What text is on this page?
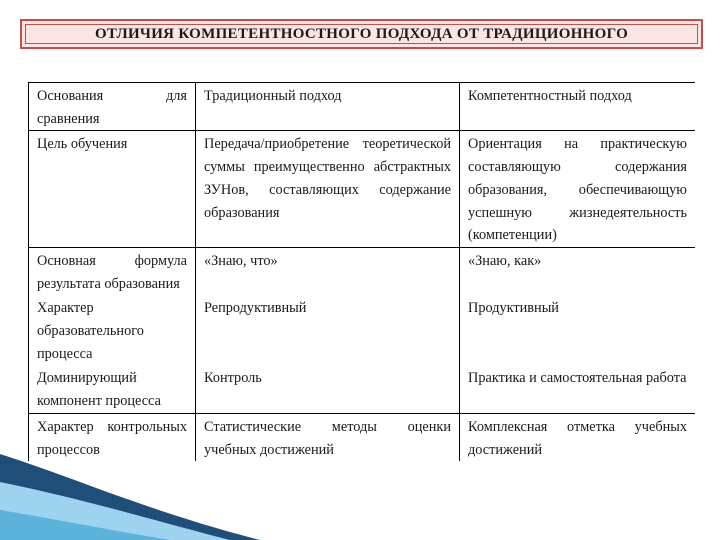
ОТЛИЧИЯ КОМПЕТЕНТНОСТНОГО ПОДХОДА ОТ ТРАДИЦИОННОГО
Основания для сравнения	Традиционный подход	Компетентностный подход
Цель обучения	Передача/приобретение теоретической суммы преимущественно абстрактных ЗУНов, составляющих содержание образования	Ориентация на практическую составляющую содержания образования, обеспечивающую успешную жизнедеятельность (компетенции)
Основная формула результата образования	«Знаю, что»	«Знаю, как»
Характер образовательного процесса	Репродуктивный	Продуктивный
Доминирующий компонент процесса	Контроль	Практика и самостоятельная работа
Характер контрольных процессов	Статистические методы оценки учебных достижений	Комплексная отметка учебных достижений
